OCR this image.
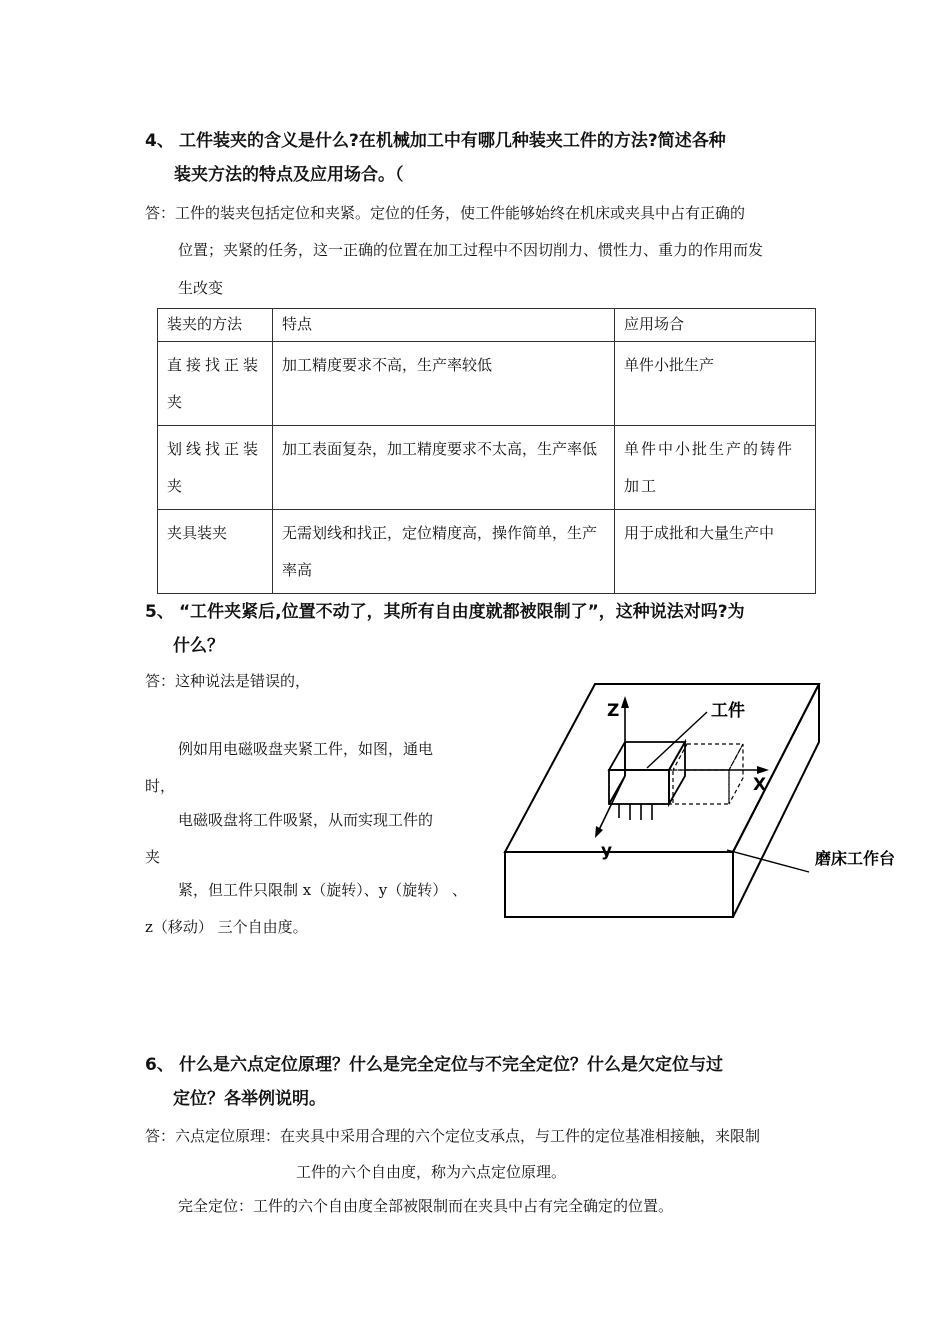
4、 工件装夹的含义是什么?在机械加工中有哪几种装夹工件的方法?简述各种
装夹方法的特点及应用场合。（
答：工件的装夹包括定位和夹紧。定位的任务，使工件能够始终在机床或夹具中占有正确的
位置；夹紧的任务，这一正确的位置在加工过程中不因切削力、惯性力、重力的作用而发
生改变
装夹的方法	特点	应用场合
直接找正装夹	加工精度要求不高，生产率较低	单件小批生产
划线找正装夹	加工表面复杂，加工精度要求不太高，生产率低	单件中小批生产的铸件加工
夹具装夹	无需划线和找正，定位精度高，操作简单，生产率高	用于成批和大量生产中
5、 “工件夹紧后,位置不动了，其所有自由度就都被限制了”，这种说法对吗?为
什么？
答：这种说法是错误的，
例如用电磁吸盘夹紧工件，如图，通电
时，
电磁吸盘将工件吸紧，从而实现工件的
夹
紧，但工件只限制 x（旋转）、y（旋转） 、
z（移动） 三个自由度。
Z
X
y
工件
磨床工作台
6、 什么是六点定位原理？什么是完全定位与不完全定位？什么是欠定位与过
定位？各举例说明。
答：六点定位原理：在夹具中采用合理的六个定位支承点，与工件的定位基准相接触，来限制
工件的六个自由度，称为六点定位原理。
完全定位：工件的六个自由度全部被限制而在夹具中占有完全确定的位置。
